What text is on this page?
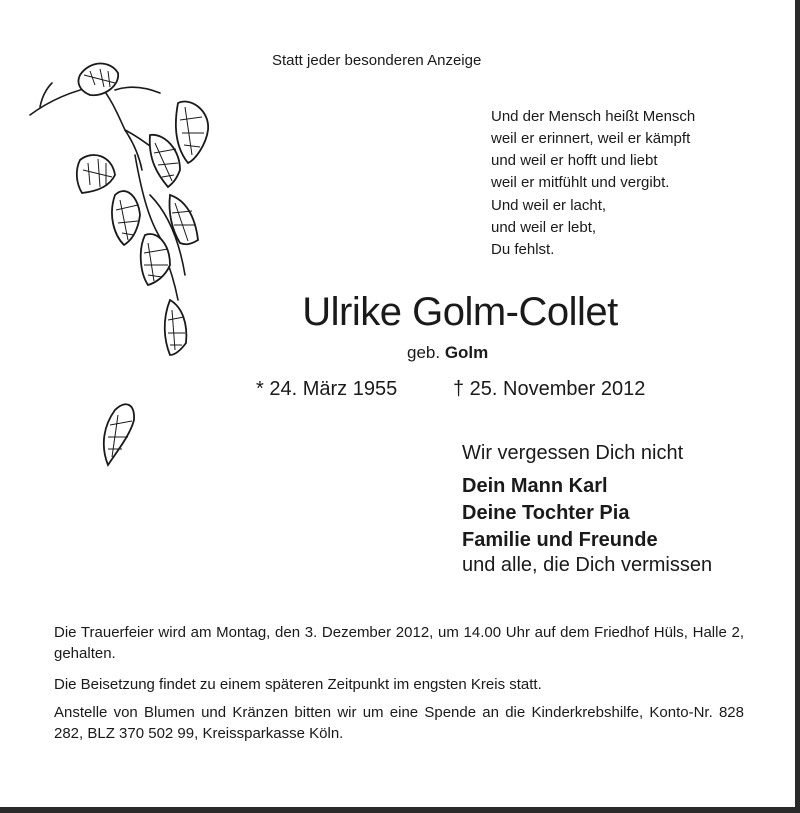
Statt jeder besonderen Anzeige
Und der Mensch heißt Mensch
weil er erinnert, weil er kämpft
und weil er hofft und liebt
weil er mitfühlt und vergibt.
Und weil er lacht,
und weil er lebt,
Du fehlst.
Ulrike Golm-Collet
geb. Golm
* 24. März 1955	† 25. November 2012
Wir vergessen Dich nicht
Dein Mann Karl
Deine Tochter Pia
Familie und Freunde
und alle, die Dich vermissen
Die Trauerfeier wird am Montag, den 3. Dezember 2012, um 14.00 Uhr auf dem Friedhof Hüls, Halle 2, gehalten.
Die Beisetzung findet zu einem späteren Zeitpunkt im engsten Kreis statt.
Anstelle von Blumen und Kränzen bitten wir um eine Spende an die Kinderkrebshilfe, Konto-Nr. 828 282, BLZ 370 502 99, Kreissparkasse Köln.
